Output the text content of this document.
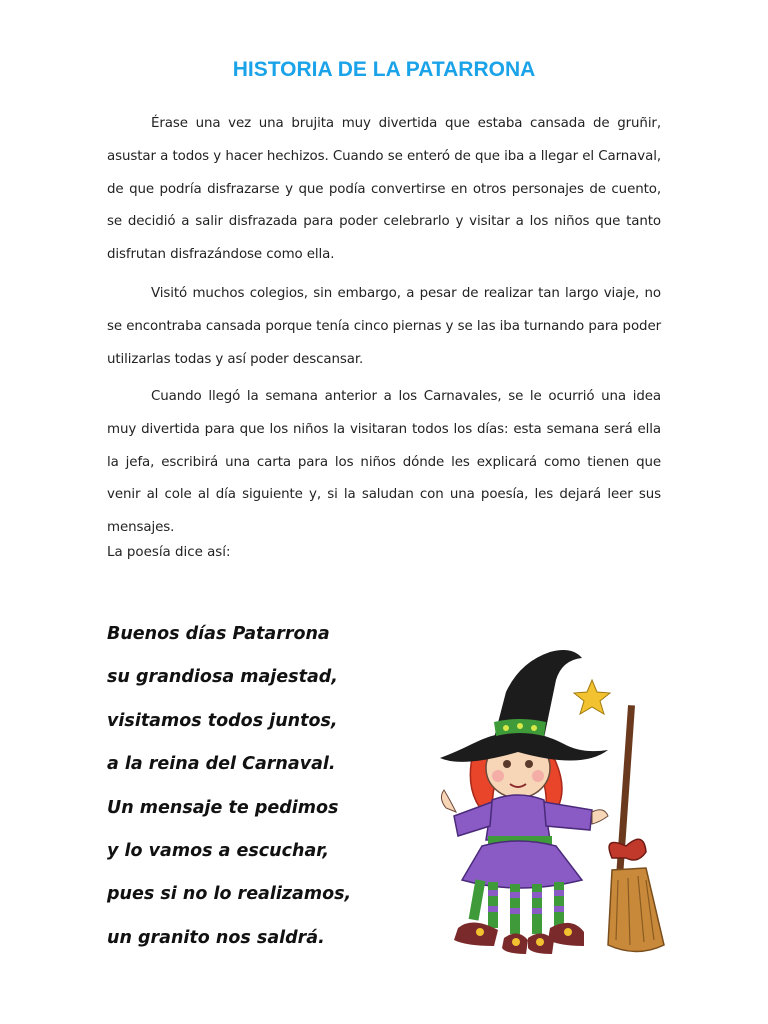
HISTORIA DE LA PATARRONA

Érase una vez una brujita muy divertida que estaba cansada de gruñir, asustar a todos y hacer hechizos. Cuando se enteró de que iba a llegar el Carnaval, de que podría disfrazarse y que podía convertirse en otros personajes de cuento, se decidió a salir disfrazada para poder celebrarlo y visitar a los niños que tanto disfrutan disfrazándose como ella.

Visitó muchos colegios, sin embargo, a pesar de realizar tan largo viaje, no se encontraba cansada porque tenía cinco piernas y se las iba turnando para poder utilizarlas todas y así poder descansar.

Cuando llegó la semana anterior a los Carnavales, se le ocurrió una idea muy divertida para que los niños la visitaran todos los días: esta semana será ella la jefa, escribirá una carta para los niños dónde les explicará como tienen que venir al cole al día siguiente y, si la saludan con una poesía, les dejará leer sus mensajes.

La poesía dice así:

Buenos días Patarrona
su grandiosa majestad,
visitamos todos juntos,
a la reina del Carnaval.
Un mensaje te pedimos
y lo vamos a escuchar,
pues si no lo realizamos,
un granito nos saldrá.
